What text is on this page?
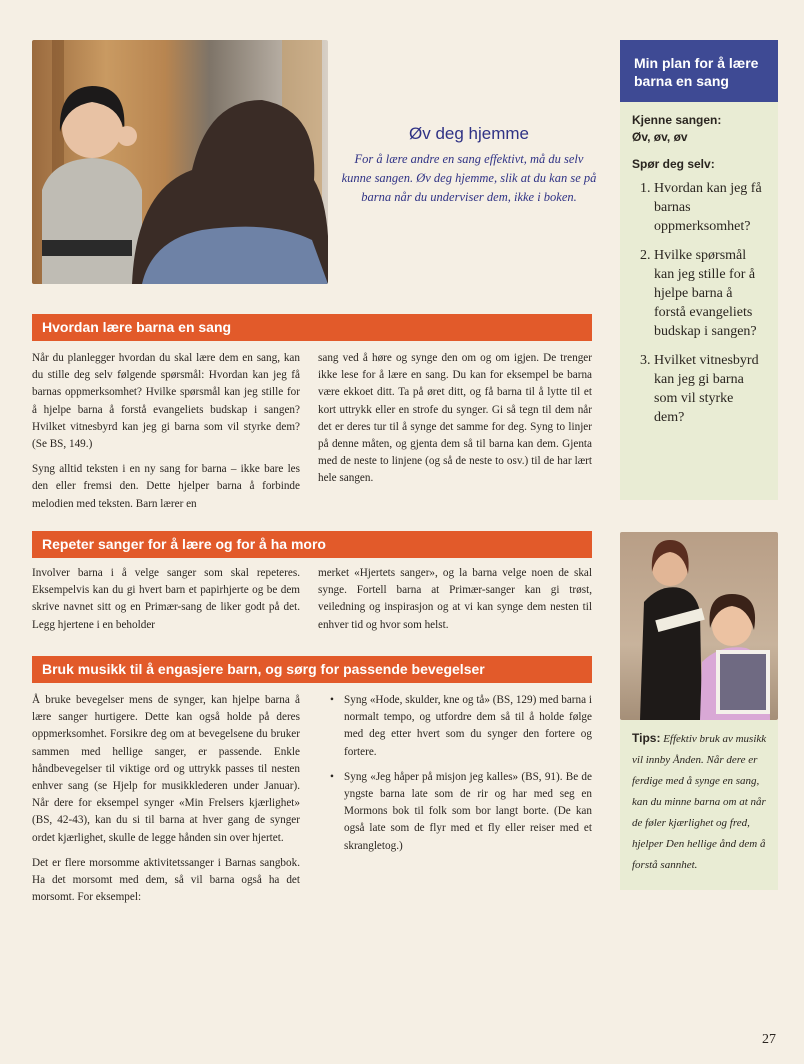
Øv deg hjemme

For å lære andre en sang effektivt, må du selv kunne sangen. Øv deg hjemme, slik at du kan se på barna når du underviser dem, ikke i boken.

Hvordan lære barna en sang

Når du planlegger hvordan du skal lære dem en sang, kan du stille deg selv følgende spørsmål: Hvordan kan jeg få barnas oppmerksomhet? Hvilke spørsmål kan jeg stille for å hjelpe barna å forstå evangeliets budskap i sangen? Hvilket vitnesbyrd kan jeg gi barna som vil styrke dem? (Se BS, 149.)

Syng alltid teksten i en ny sang for barna – ikke bare les den eller fremsi den. Dette hjelper barna å forbinde melodien med teksten. Barn lærer en

sang ved å høre og synge den om og om igjen. De trenger ikke lese for å lære en sang. Du kan for eksempel be barna være ekkoet ditt. Ta på øret ditt, og få barna til å lytte til et kort uttrykk eller en strofe du synger. Gi så tegn til dem når det er deres tur til å synge det samme for deg. Syng to linjer på denne måten, og gjenta dem så til barna kan dem. Gjenta med de neste to linjene (og så de neste to osv.) til de har lært hele sangen.

Repeter sanger for å lære og for å ha moro

Involver barna i å velge sanger som skal repeteres. Eksempelvis kan du gi hvert barn et papirhjerte og be dem skrive navnet sitt og en Primær-sang de liker godt på det. Legg hjertene i en beholder

merket «Hjertets sanger», og la barna velge noen de skal synge. Fortell barna at Primær-sanger kan gi trøst, veiledning og inspirasjon og at vi kan synge dem nesten til enhver tid og hvor som helst.

Bruk musikk til å engasjere barn, og sørg for passende bevegelser

Å bruke bevegelser mens de synger, kan hjelpe barna å lære sanger hurtigere. Dette kan også holde på deres oppmerksomhet. Forsikre deg om at bevegelsene du bruker sammen med hellige sanger, er passende. Enkle håndbevegelser til viktige ord og uttrykk passes til nesten enhver sang (se Hjelp for musikklederen under Januar). Når dere for eksempel synger «Min Frelsers kjærlighet» (BS, 42-43), kan du si til barna at hver gang de synger ordet kjærlighet, skulle de legge hånden sin over hjertet.

Det er flere morsomme aktivitetssanger i Barnas sangbok. Ha det morsomt med dem, så vil barna også ha det morsomt. For eksempel:

• Syng «Hode, skulder, kne og tå» (BS, 129) med barna i normalt tempo, og utfordre dem så til å holde følge med deg etter hvert som du synger den fortere og fortere.
• Syng «Jeg håper på misjon jeg kalles» (BS, 91). Be de yngste barna late som de rir og har med seg en Mormons bok til folk som bor langt borte. (De kan også late som de flyr med et fly eller reiser med et skrangletog.)
Min plan for å lære barna en sang
Kjenne sangen:
Øv, øv, øv
Spør deg selv:
1. Hvordan kan jeg få barnas oppmerksomhet?
2. Hvilke spørsmål kan jeg stille for å hjelpe barna å forstå evangeliets budskap i sangen?
3. Hvilket vitnesbyrd kan jeg gi barna som vil styrke dem?
Tips: Effektiv bruk av musikk vil innby Ånden. Når dere er ferdige med å synge en sang, kan du minne barna om at når de føler kjærlighet og fred, hjelper Den hellige ånd dem å forstå sannhet.
27
